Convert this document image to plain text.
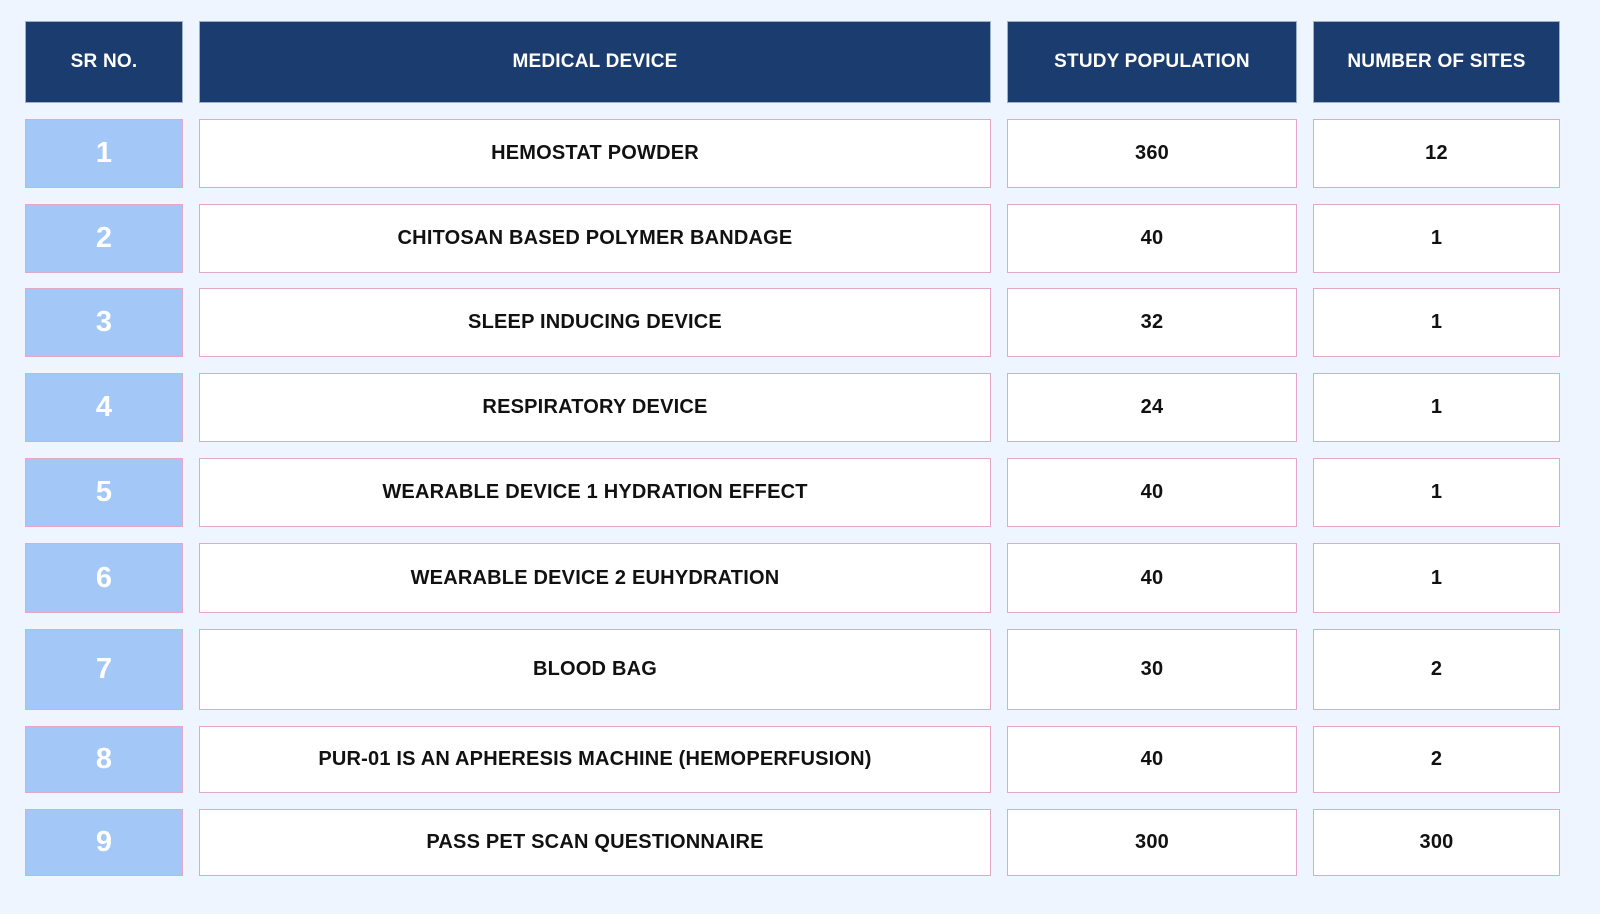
SR NO.	MEDICAL DEVICE	STUDY POPULATION	NUMBER OF SITES
1	HEMOSTAT POWDER	360	12
2	CHITOSAN BASED POLYMER BANDAGE	40	1
3	SLEEP INDUCING DEVICE	32	1
4	RESPIRATORY DEVICE	24	1
5	WEARABLE DEVICE 1 HYDRATION EFFECT	40	1
6	WEARABLE DEVICE 2 EUHYDRATION	40	1
7	BLOOD BAG	30	2
8	PUR-01 IS AN APHERESIS MACHINE (HEMOPERFUSION)	40	2
9	PASS PET SCAN QUESTIONNAIRE	300	300
